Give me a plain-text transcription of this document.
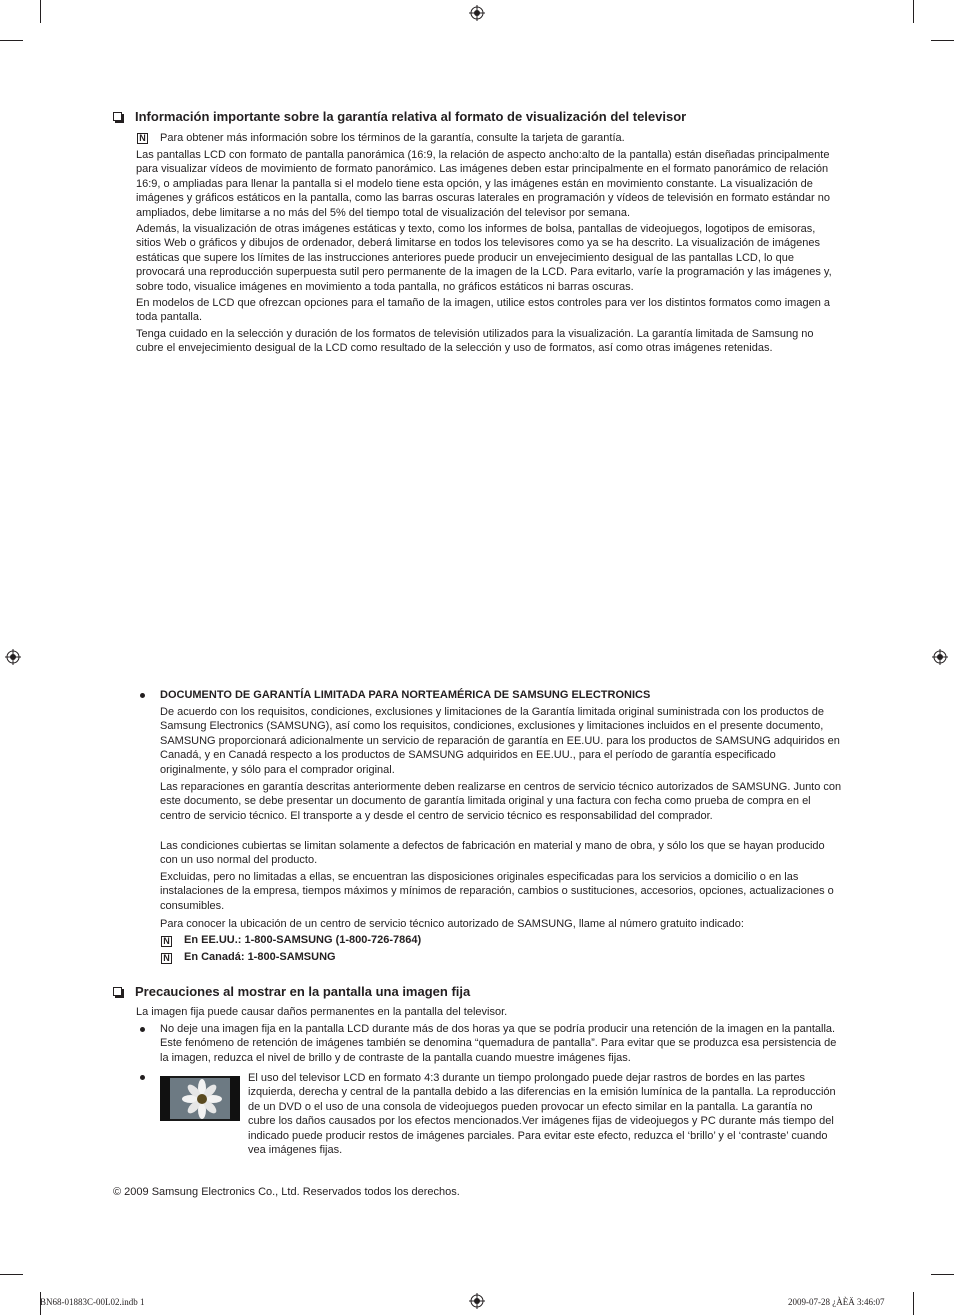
Información importante sobre la garantía relativa al formato de visualización del televisor
N Para obtener más información sobre los términos de la garantía, consulte la tarjeta de garantía.
Las pantallas LCD con formato de pantalla panorámica (16:9, la relación de aspecto ancho:alto de la pantalla) están diseñadas principalmente para visualizar vídeos de movimiento de formato panorámico. Las imágenes deben estar principalmente en el formato panorámico de relación 16:9, o ampliadas para llenar la pantalla si el modelo tiene esta opción, y las imágenes están en movimiento constante. La visualización de imágenes y gráficos estáticos en la pantalla, como las barras oscuras laterales en programación y vídeos de televisión en formato estándar no ampliados, debe limitarse a no más del 5% del tiempo total de visualización del televisor por semana.
Además, la visualización de otras imágenes estáticas y texto, como los informes de bolsa, pantallas de videojuegos, logotipos de emisoras, sitios Web o gráficos y dibujos de ordenador, deberá limitarse en todos los televisores como ya se ha descrito. La visualización de imágenes estáticas que supere los límites de las instrucciones anteriores puede producir un envejecimiento desigual de las pantallas LCD, lo que provocará una reproducción superpuesta sutil pero permanente de la imagen de la LCD. Para evitarlo, varíe la programación y las imágenes y, sobre todo, visualice imágenes en movimiento a toda pantalla, no gráficos estáticos ni barras oscuras.
En modelos de LCD que ofrezcan opciones para el tamaño de la imagen, utilice estos controles para ver los distintos formatos como imagen a toda pantalla.
Tenga cuidado en la selección y duración de los formatos de televisión utilizados para la visualización. La garantía limitada de Samsung no cubre el envejecimiento desigual de la LCD como resultado de la selección y uso de formatos, así como otras imágenes retenidas.
DOCUMENTO DE GARANTÍA LIMITADA PARA NORTEAMÉRICA DE SAMSUNG ELECTRONICS
De acuerdo con los requisitos, condiciones, exclusiones y limitaciones de la Garantía limitada original suministrada con los productos de Samsung Electronics (SAMSUNG), así como los requisitos, condiciones, exclusiones y limitaciones incluidos en el presente documento, SAMSUNG proporcionará adicionalmente un servicio de reparación de garantía en EE.UU. para los productos de SAMSUNG adquiridos en Canadá, y en Canadá respecto a los productos de SAMSUNG adquiridos en EE.UU., para el período de garantía especificado originalmente, y sólo para el comprador original.
Las reparaciones en garantía descritas anteriormente deben realizarse en centros de servicio técnico autorizados de SAMSUNG. Junto con este documento, se debe presentar un documento de garantía limitada original y una factura con fecha como prueba de compra en el centro de servicio técnico. El transporte a y desde el centro de servicio técnico es responsabilidad del comprador.
Las condiciones cubiertas se limitan solamente a defectos de fabricación en material y mano de obra, y sólo los que se hayan producido con un uso normal del producto.
Excluidas, pero no limitadas a ellas, se encuentran las disposiciones originales especificadas para los servicios a domicilio o en las instalaciones de la empresa, tiempos máximos y mínimos de reparación, cambios o sustituciones, accesorios, opciones, actualizaciones o consumibles.
Para conocer la ubicación de un centro de servicio técnico autorizado de SAMSUNG, llame al número gratuito indicado:
N En EE.UU.: 1-800-SAMSUNG (1-800-726-7864)
N En Canadá: 1-800-SAMSUNG
Precauciones al mostrar en la pantalla una imagen fija
La imagen fija puede causar daños permanentes en la pantalla del televisor.
No deje una imagen fija en la pantalla LCD durante más de dos horas ya que se podría producir una retención de la imagen en la pantalla. Este fenómeno de retención de imágenes también se denomina “quemadura de pantalla”. Para evitar que se produzca esa persistencia de la imagen, reduzca el nivel de brillo y de contraste de la pantalla cuando muestre imágenes fijas.
El uso del televisor LCD en formato 4:3 durante un tiempo prolongado puede dejar rastros de bordes en las partes izquierda, derecha y central de la pantalla debido a las diferencias en la emisión lumínica de la pantalla. La reproducción de un DVD o el uso de una consola de videojuegos pueden provocar un efecto similar en la pantalla. La garantía no cubre los daños causados por los efectos mencionados.Ver imágenes fijas de videojuegos y PC durante más tiempo del indicado puede producir restos de imágenes parciales. Para evitar este efecto, reduzca el ‘brillo’ y el ‘contraste’ cuando vea imágenes fijas.
© 2009 Samsung Electronics Co., Ltd. Reservados todos los derechos.
BN68-01883C-00L02.indb 1	2009-07-28 ¿ÀÈÄ 3:46:07
